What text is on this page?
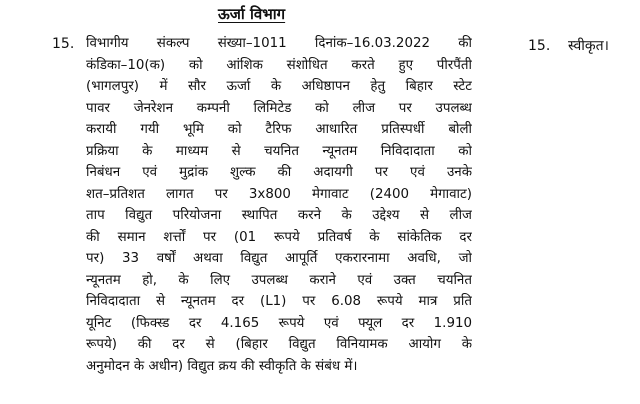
ऊर्जा विभाग
15. विभागीय संकल्प संख्या–1011 दिनांक–16.03.2022 की
कंडिका–10(क) को आंशिक संशोधित करते हुए पीरपैंती
(भागलपुर) में सौर ऊर्जा के अधिष्ठापन हेतु बिहार स्टेट
पावर जेनरेशन कम्पनी लिमिटेड को लीज पर उपलब्ध
करायी गयी भूमि को टैरिफ आधारित प्रतिस्पर्धी बोली
प्रक्रिया के माध्यम से चयनित न्यूनतम निविदादाता को
निबंधन एवं मुद्रांक शुल्क की अदायगी पर एवं उनके
शत–प्रतिशत लागत पर 3x800 मेगावाट (2400 मेगावाट)
ताप विद्युत परियोजना स्थापित करने के उद्देश्य से लीज
की समान शर्त्तों पर (01 रूपये प्रतिवर्ष के सांकेतिक दर
पर) 33 वर्षों अथवा विद्युत आपूर्ति एकरारनामा अवधि, जो
न्यूनतम हो, के लिए उपलब्ध कराने एवं उक्त चयनित
निविदादाता से न्यूनतम दर (L1) पर 6.08 रूपये मात्र प्रति
यूनिट (फिक्स्ड दर 4.165 रूपये एवं फ्यूल दर 1.910
रूपये) की दर से (बिहार विद्युत विनियामक आयोग के
अनुमोदन के अधीन) विद्युत क्रय की स्वीकृति के संबंध में।
15. स्वीकृत।
